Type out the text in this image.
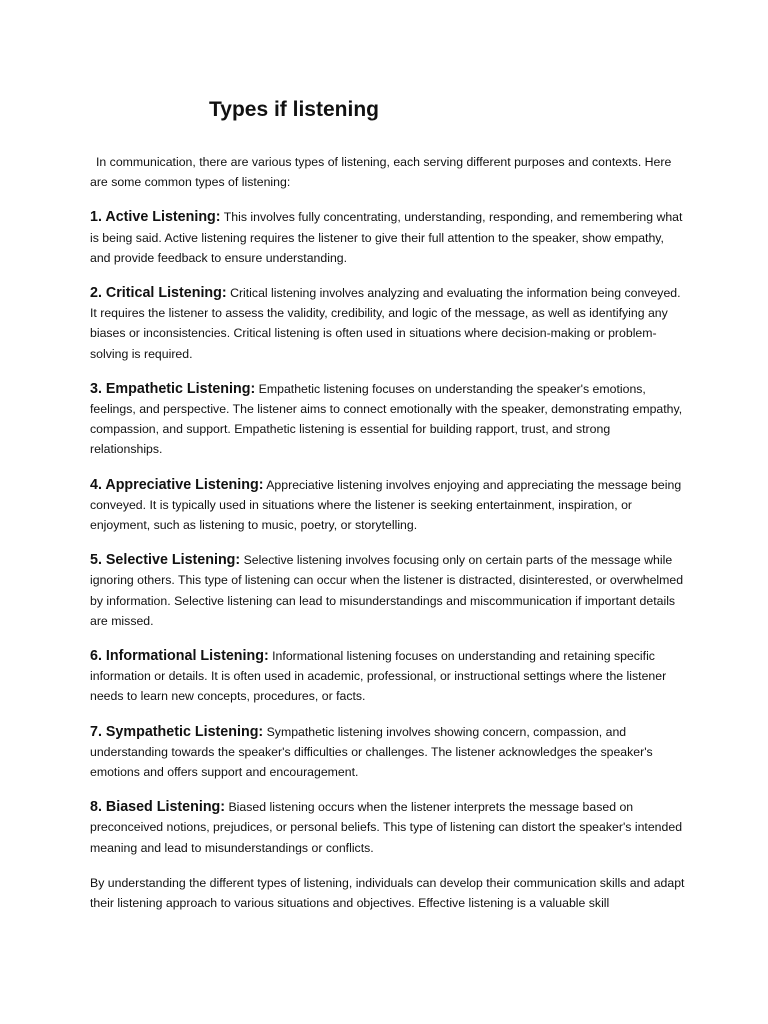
Types if listening

In communication, there are various types of listening, each serving different purposes and contexts. Here are some common types of listening:

1. Active Listening: This involves fully concentrating, understanding, responding, and remembering what is being said. Active listening requires the listener to give their full attention to the speaker, show empathy, and provide feedback to ensure understanding.

2. Critical Listening: Critical listening involves analyzing and evaluating the information being conveyed. It requires the listener to assess the validity, credibility, and logic of the message, as well as identifying any biases or inconsistencies. Critical listening is often used in situations where decision-making or problem-solving is required.

3. Empathetic Listening: Empathetic listening focuses on understanding the speaker's emotions, feelings, and perspective. The listener aims to connect emotionally with the speaker, demonstrating empathy, compassion, and support. Empathetic listening is essential for building rapport, trust, and strong relationships.

4. Appreciative Listening: Appreciative listening involves enjoying and appreciating the message being conveyed. It is typically used in situations where the listener is seeking entertainment, inspiration, or enjoyment, such as listening to music, poetry, or storytelling.

5. Selective Listening: Selective listening involves focusing only on certain parts of the message while ignoring others. This type of listening can occur when the listener is distracted, disinterested, or overwhelmed by information. Selective listening can lead to misunderstandings and miscommunication if important details are missed.

6. Informational Listening: Informational listening focuses on understanding and retaining specific information or details. It is often used in academic, professional, or instructional settings where the listener needs to learn new concepts, procedures, or facts.

7. Sympathetic Listening: Sympathetic listening involves showing concern, compassion, and understanding towards the speaker's difficulties or challenges. The listener acknowledges the speaker's emotions and offers support and encouragement.

8. Biased Listening: Biased listening occurs when the listener interprets the message based on preconceived notions, prejudices, or personal beliefs. This type of listening can distort the speaker's intended meaning and lead to misunderstandings or conflicts.

By understanding the different types of listening, individuals can develop their communication skills and adapt their listening approach to various situations and objectives. Effective listening is a valuable skill
